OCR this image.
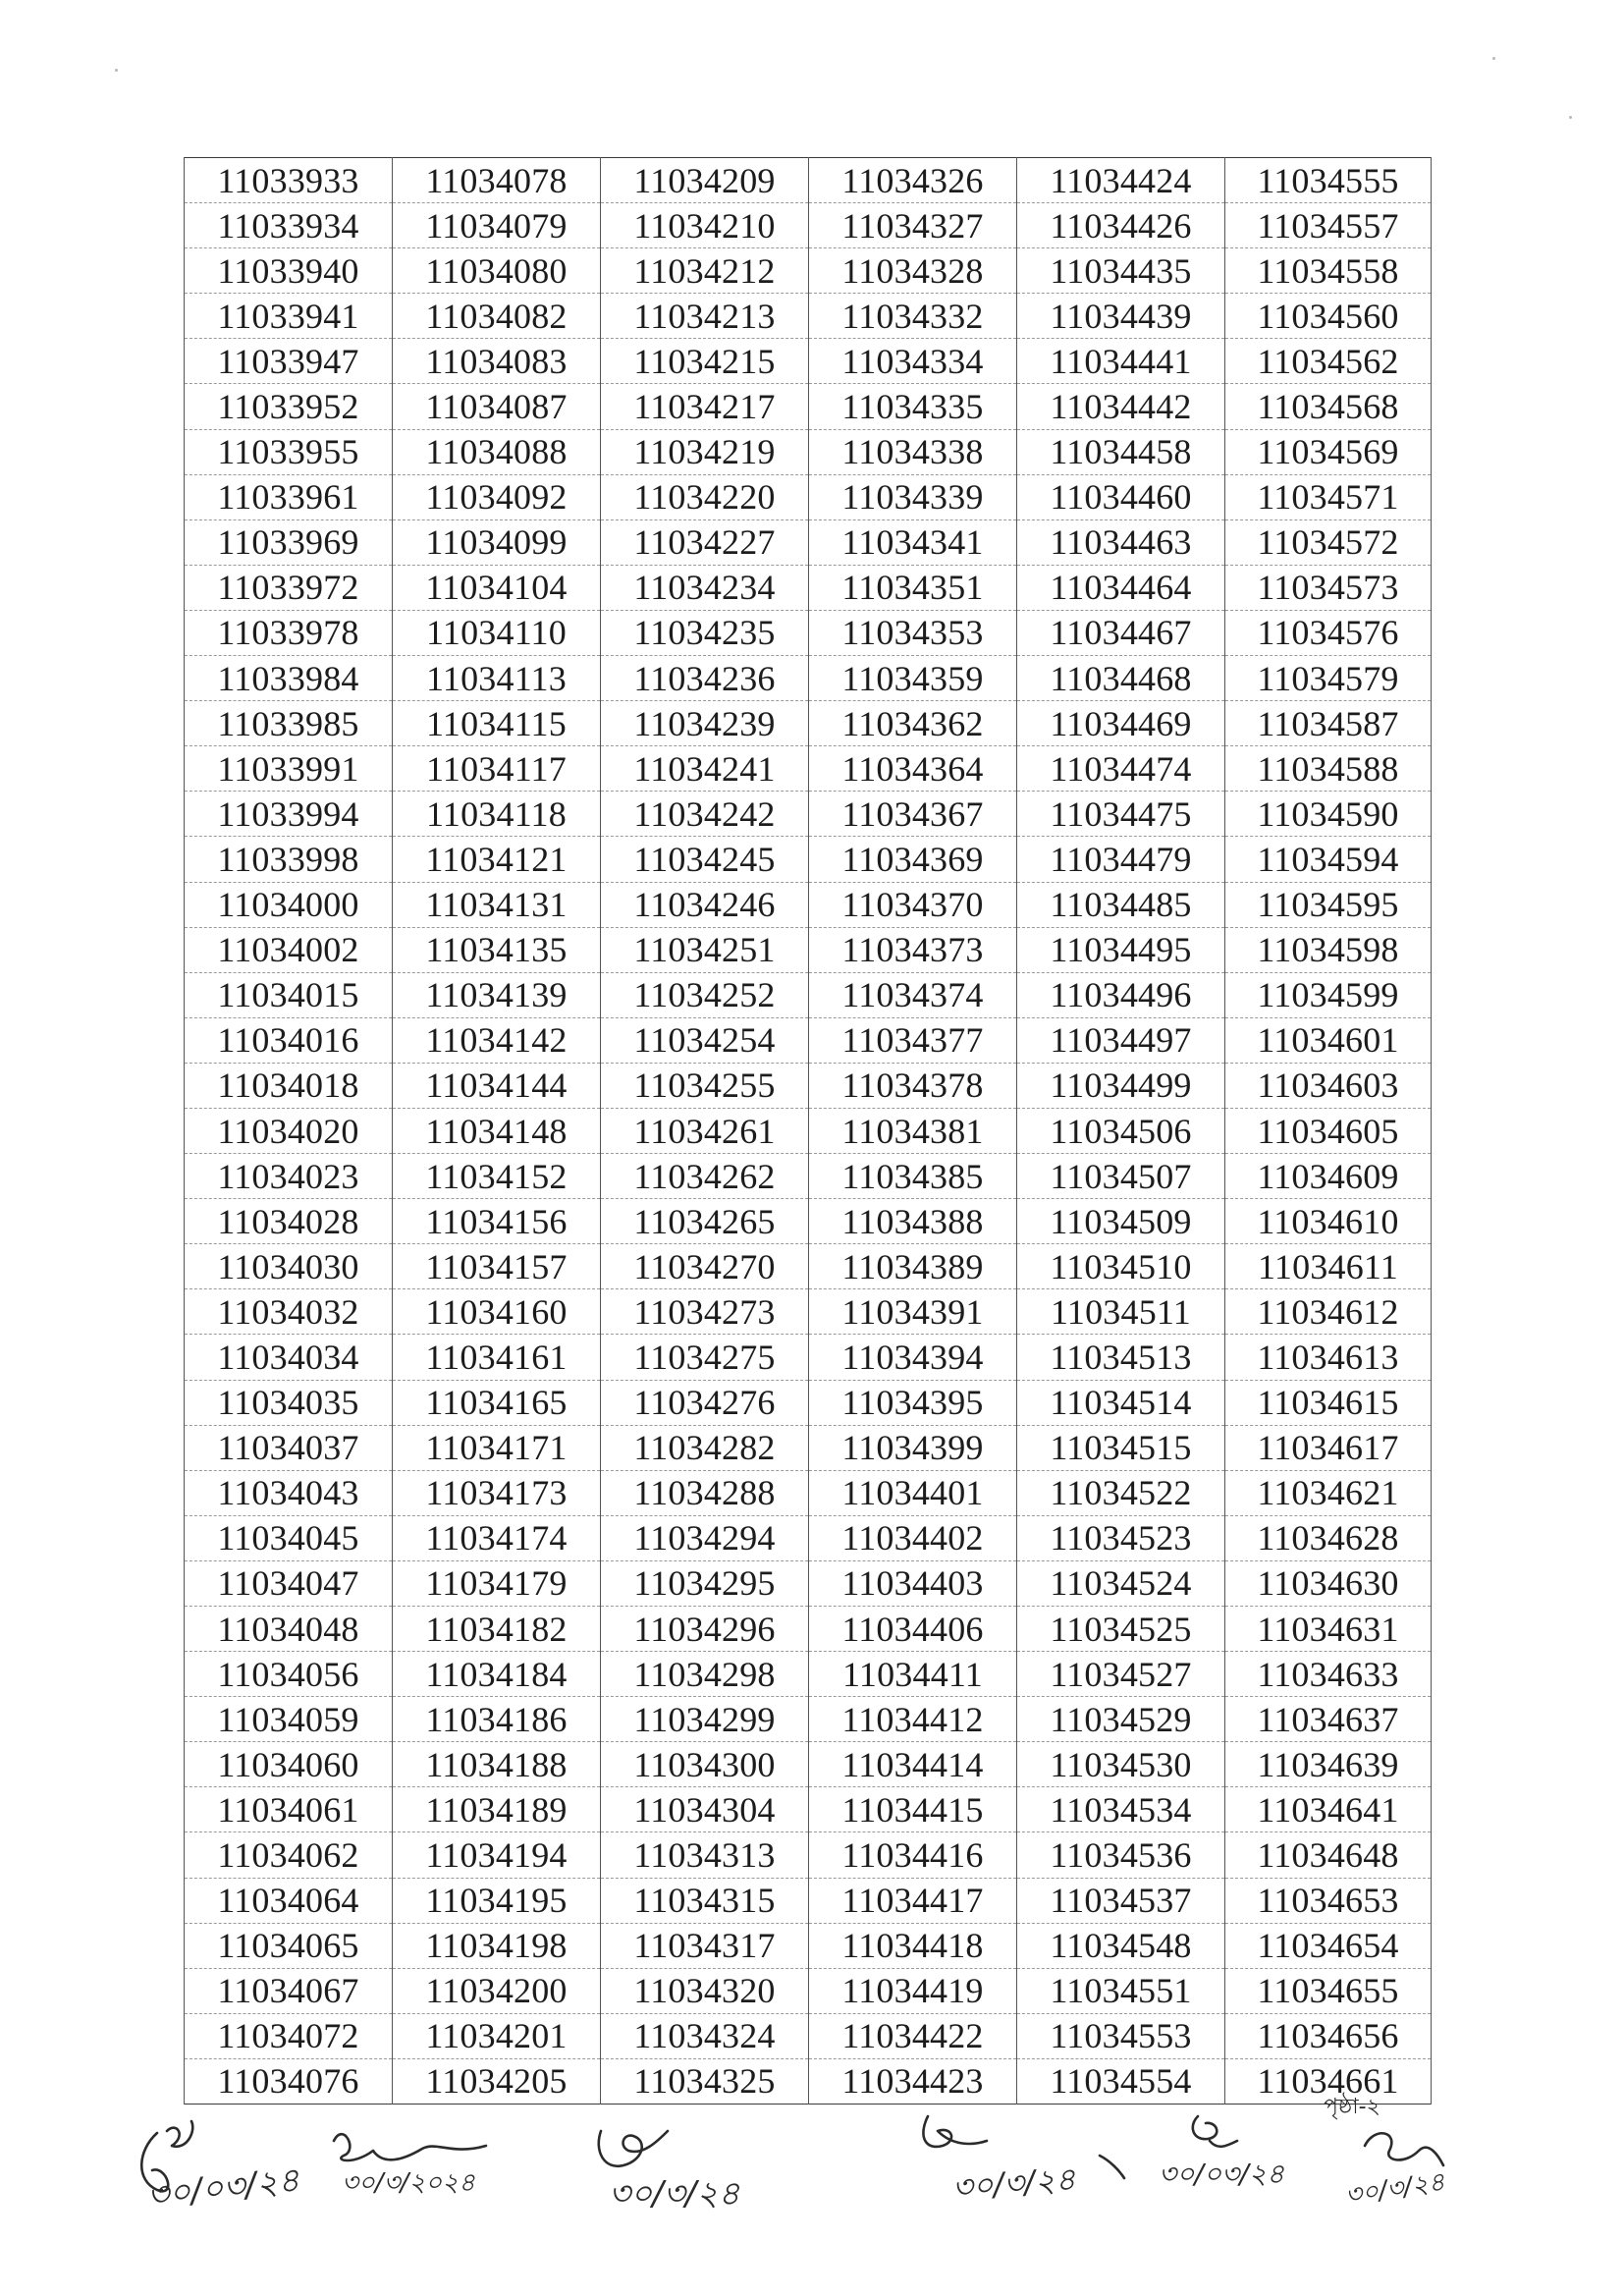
11033933	11034078	11034209	11034326	11034424	11034555
11033934	11034079	11034210	11034327	11034426	11034557
11033940	11034080	11034212	11034328	11034435	11034558
11033941	11034082	11034213	11034332	11034439	11034560
11033947	11034083	11034215	11034334	11034441	11034562
11033952	11034087	11034217	11034335	11034442	11034568
11033955	11034088	11034219	11034338	11034458	11034569
11033961	11034092	11034220	11034339	11034460	11034571
11033969	11034099	11034227	11034341	11034463	11034572
11033972	11034104	11034234	11034351	11034464	11034573
11033978	11034110	11034235	11034353	11034467	11034576
11033984	11034113	11034236	11034359	11034468	11034579
11033985	11034115	11034239	11034362	11034469	11034587
11033991	11034117	11034241	11034364	11034474	11034588
11033994	11034118	11034242	11034367	11034475	11034590
11033998	11034121	11034245	11034369	11034479	11034594
11034000	11034131	11034246	11034370	11034485	11034595
11034002	11034135	11034251	11034373	11034495	11034598
11034015	11034139	11034252	11034374	11034496	11034599
11034016	11034142	11034254	11034377	11034497	11034601
11034018	11034144	11034255	11034378	11034499	11034603
11034020	11034148	11034261	11034381	11034506	11034605
11034023	11034152	11034262	11034385	11034507	11034609
11034028	11034156	11034265	11034388	11034509	11034610
11034030	11034157	11034270	11034389	11034510	11034611
11034032	11034160	11034273	11034391	11034511	11034612
11034034	11034161	11034275	11034394	11034513	11034613
11034035	11034165	11034276	11034395	11034514	11034615
11034037	11034171	11034282	11034399	11034515	11034617
11034043	11034173	11034288	11034401	11034522	11034621
11034045	11034174	11034294	11034402	11034523	11034628
11034047	11034179	11034295	11034403	11034524	11034630
11034048	11034182	11034296	11034406	11034525	11034631
11034056	11034184	11034298	11034411	11034527	11034633
11034059	11034186	11034299	11034412	11034529	11034637
11034060	11034188	11034300	11034414	11034530	11034639
11034061	11034189	11034304	11034415	11034534	11034641
11034062	11034194	11034313	11034416	11034536	11034648
11034064	11034195	11034315	11034417	11034537	11034653
11034065	11034198	11034317	11034418	11034548	11034654
11034067	11034200	11034320	11034419	11034551	11034655
11034072	11034201	11034324	11034422	11034553	11034656
11034076	11034205	11034325	11034423	11034554	11034661
পৃষ্ঠা-২
৩০/০৩/২৪ ৩০/৩/২০২৪	৩০/৩/২৪	৩০/৩/২৪	৩০/০৩/২৪ ৩০/৩/২৪
